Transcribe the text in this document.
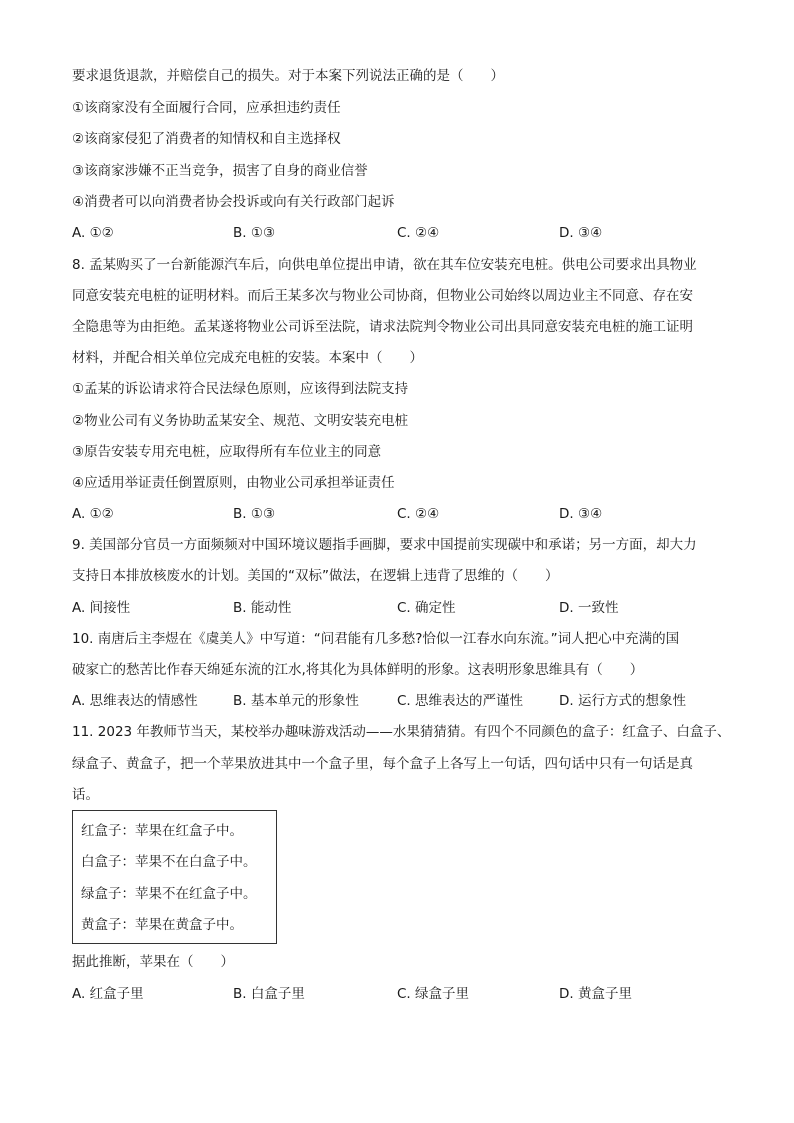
要求退货退款，并赔偿自己的损失。对于本案下列说法正确的是（　　）
①该商家没有全面履行合同，应承担违约责任
②该商家侵犯了消费者的知情权和自主选择权
③该商家涉嫌不正当竞争，损害了自身的商业信誉
④消费者可以向消费者协会投诉或向有关行政部门起诉
A. ①②	B. ①③	C. ②④	D. ③④
8. 孟某购买了一台新能源汽车后，向供电单位提出申请，欲在其车位安装充电桩。供电公司要求出具物业
同意安装充电桩的证明材料。而后王某多次与物业公司协商，但物业公司始终以周边业主不同意、存在安
全隐患等为由拒绝。孟某遂将物业公司诉至法院，请求法院判令物业公司出具同意安装充电桩的施工证明
材料，并配合相关单位完成充电桩的安装。本案中（　　）
①孟某的诉讼请求符合民法绿色原则，应该得到法院支持
②物业公司有义务协助孟某安全、规范、文明安装充电桩
③原告安装专用充电桩，应取得所有车位业主的同意
④应适用举证责任倒置原则，由物业公司承担举证责任
A. ①②	B. ①③	C. ②④	D. ③④
9. 美国部分官员一方面频频对中国环境议题指手画脚，要求中国提前实现碳中和承诺；另一方面，却大力
支持日本排放核废水的计划。美国的“双标”做法，在逻辑上违背了思维的（　　）
A. 间接性	B. 能动性	C. 确定性	D. 一致性
10. 南唐后主李煜在《虞美人》中写道：“问君能有几多愁?恰似一江春水向东流。”词人把心中充满的国
破家亡的愁苦比作春天绵延东流的江水,将其化为具体鲜明的形象。这表明形象思维具有（　　）
A. 思维表达的情感性	B. 基本单元的形象性	C. 思维表达的严谨性	D. 运行方式的想象性
11. 2023 年教师节当天，某校举办趣味游戏活动——水果猜猜猜。有四个不同颜色的盒子：红盒子、白盒子、
绿盒子、黄盒子，把一个苹果放进其中一个盒子里，每个盒子上各写上一句话，四句话中只有一句话是真
话。
红盒子：苹果在红盒子中。
白盒子：苹果不在白盒子中。
绿盒子：苹果不在红盒子中。
黄盒子：苹果在黄盒子中。
据此推断，苹果在（　　）
A. 红盒子里	B. 白盒子里	C. 绿盒子里	D. 黄盒子里
